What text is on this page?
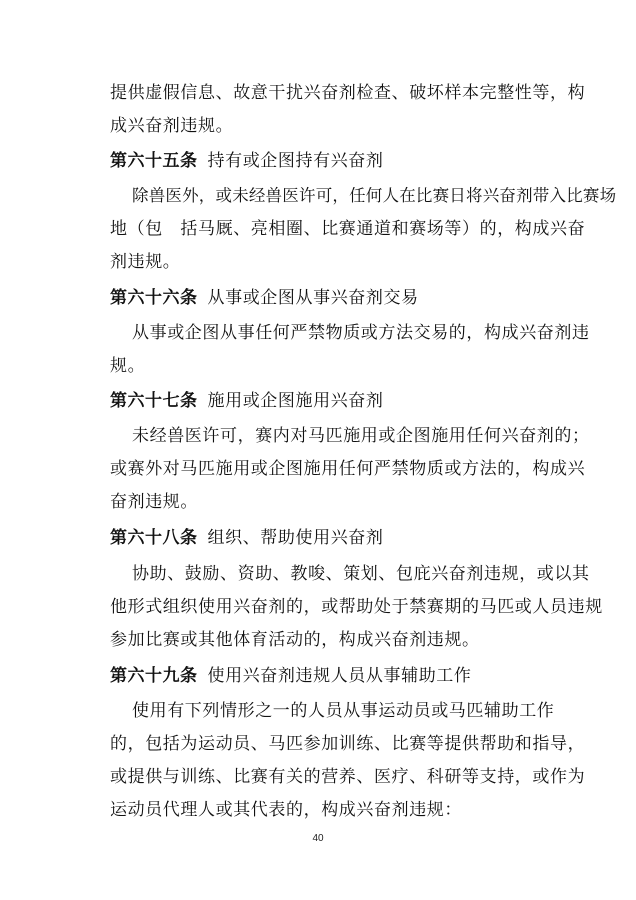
提供虚假信息、故意干扰兴奋剂检查、破坏样本完整性等，构
成兴奋剂违规。
第六十五条 持有或企图持有兴奋剂
除兽医外，或未经兽医许可，任何人在比赛日将兴奋剂带入比赛场
地（包　括马厩、亮相圈、比赛通道和赛场等）的，构成兴奋
剂违规。
第六十六条 从事或企图从事兴奋剂交易
从事或企图从事任何严禁物质或方法交易的，构成兴奋剂违
规。
第六十七条 施用或企图施用兴奋剂
未经兽医许可，赛内对马匹施用或企图施用任何兴奋剂的；
或赛外对马匹施用或企图施用任何严禁物质或方法的，构成兴
奋剂违规。
第六十八条 组织、帮助使用兴奋剂
协助、鼓励、资助、教唆、策划、包庇兴奋剂违规，或以其
他形式组织使用兴奋剂的，或帮助处于禁赛期的马匹或人员违规
参加比赛或其他体育活动的，构成兴奋剂违规。
第六十九条 使用兴奋剂违规人员从事辅助工作
使用有下列情形之一的人员从事运动员或马匹辅助工作
的，包括为运动员、马匹参加训练、比赛等提供帮助和指导，
或提供与训练、比赛有关的营养、医疗、科研等支持，或作为
运动员代理人或其代表的，构成兴奋剂违规：
40
